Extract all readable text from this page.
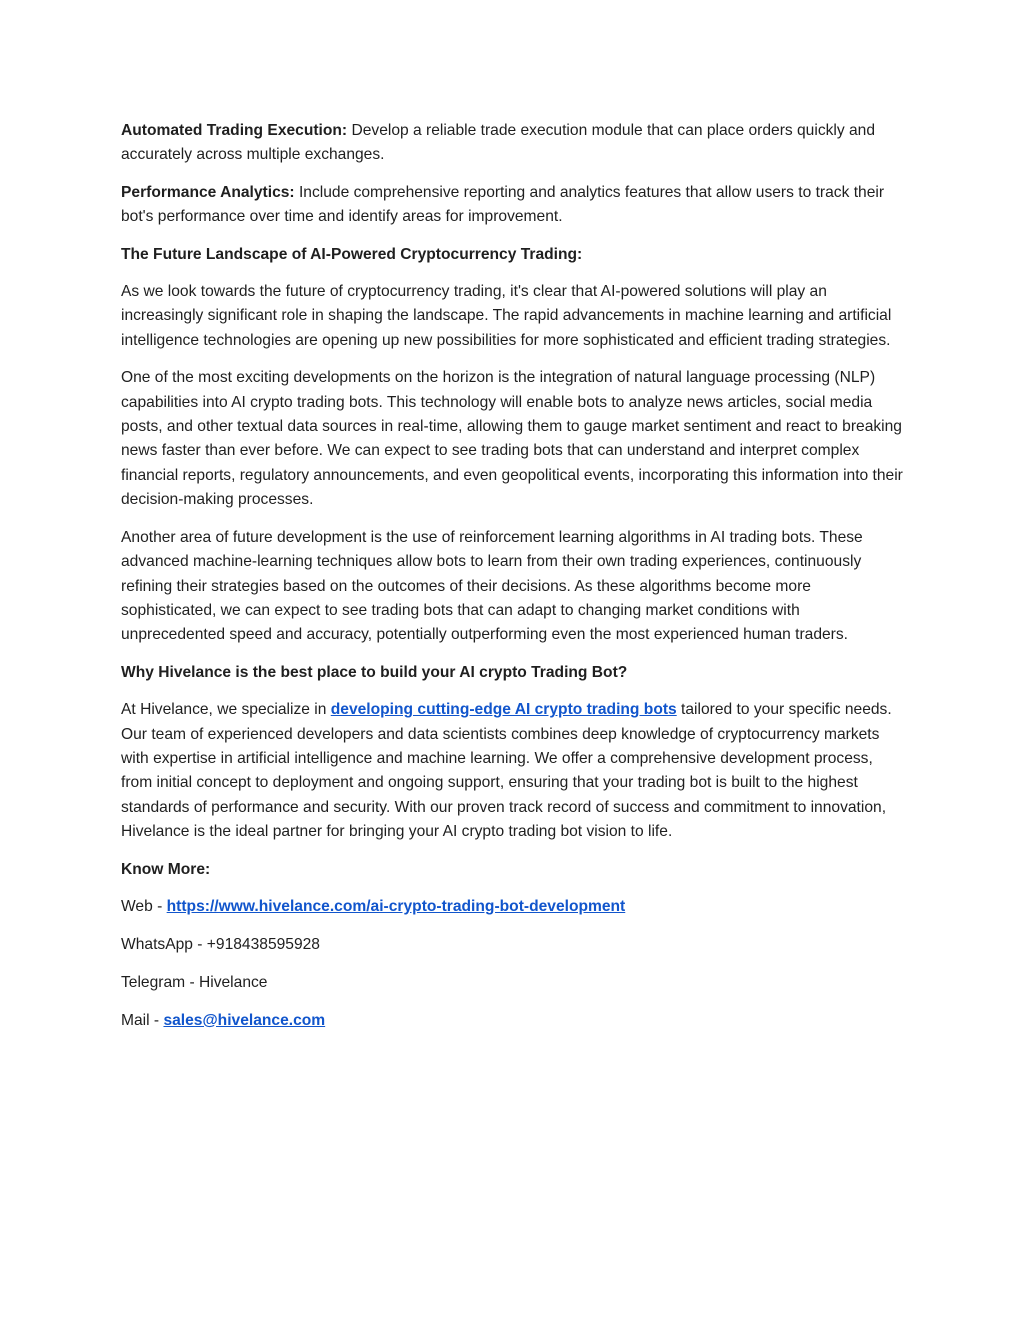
Automated Trading Execution: Develop a reliable trade execution module that can place orders quickly and accurately across multiple exchanges.

Performance Analytics: Include comprehensive reporting and analytics features that allow users to track their bot's performance over time and identify areas for improvement.

The Future Landscape of AI-Powered Cryptocurrency Trading:

As we look towards the future of cryptocurrency trading, it's clear that AI-powered solutions will play an increasingly significant role in shaping the landscape. The rapid advancements in machine learning and artificial intelligence technologies are opening up new possibilities for more sophisticated and efficient trading strategies.

One of the most exciting developments on the horizon is the integration of natural language processing (NLP) capabilities into AI crypto trading bots. This technology will enable bots to analyze news articles, social media posts, and other textual data sources in real-time, allowing them to gauge market sentiment and react to breaking news faster than ever before. We can expect to see trading bots that can understand and interpret complex financial reports, regulatory announcements, and even geopolitical events, incorporating this information into their decision-making processes.

Another area of future development is the use of reinforcement learning algorithms in AI trading bots. These advanced machine-learning techniques allow bots to learn from their own trading experiences, continuously refining their strategies based on the outcomes of their decisions. As these algorithms become more sophisticated, we can expect to see trading bots that can adapt to changing market conditions with unprecedented speed and accuracy, potentially outperforming even the most experienced human traders.

Why Hivelance is the best place to build your AI crypto Trading Bot?

At Hivelance, we specialize in developing cutting-edge AI crypto trading bots tailored to your specific needs. Our team of experienced developers and data scientists combines deep knowledge of cryptocurrency markets with expertise in artificial intelligence and machine learning. We offer a comprehensive development process, from initial concept to deployment and ongoing support, ensuring that your trading bot is built to the highest standards of performance and security. With our proven track record of success and commitment to innovation, Hivelance is the ideal partner for bringing your AI crypto trading bot vision to life.

Know More:

Web - https://www.hivelance.com/ai-crypto-trading-bot-development

WhatsApp - +918438595928

Telegram - Hivelance

Mail - sales@hivelance.com
